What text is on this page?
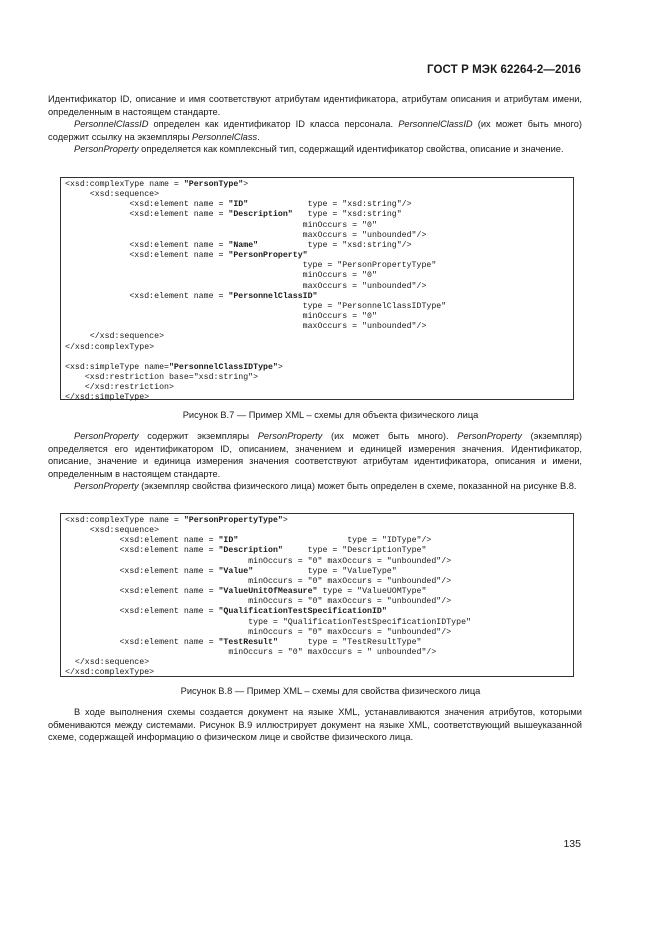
ГОСТ Р МЭК 62264-2—2016

Идентификатор ID, описание и имя соответствуют атрибутам идентификатора, атрибутам описания и атрибутам имени, определенным в настоящем стандарте.

PersonnelClassID определен как идентификатор ID класса персонала. PersonnelClassID (их может быть много) содержит ссылку на экземпляры PersonnelClass.

PersonProperty определяется как комплексный тип, содержащий идентификатор свойства, описание и значение.

<xsd:complexType name = "PersonType">
<xsd:sequence>
<xsd:element name = "ID"            type = "xsd:string"/>
<xsd:element name = "Description"   type = "xsd:string"
minOccurs = "0"
maxOccurs = "unbounded"/>
<xsd:element name = "Name"          type = "xsd:string"/>
<xsd:element name = "PersonProperty"
type = "PersonPropertyType"
minOccurs = "0"
maxOccurs = "unbounded"/>
<xsd:element name = "PersonnelClassID"
type = "PersonnelClassIDType"
minOccurs = "0"
maxOccurs = "unbounded"/>
</xsd:sequence>
</xsd:complexType>

<xsd:simpleType name="PersonnelClassIDType">
<xsd:restriction base="xsd:string">
</xsd:restriction>
</xsd:simpleType>
Рисунок В.7 — Пример XML – схемы для объекта физического лица

PersonProperty содержит экземпляры PersonProperty (их может быть много). PersonProperty (экземпляр) определяется его идентификатором ID, описанием, значением и единицей измерения значения. Идентификатор, описание, значение и единица измерения значения соответствуют атрибутам идентификатора, описания и имени, определенным в настоящем стандарте.

PersonProperty (экземпляр свойства физического лица) может быть определен в схеме, показанной на рисунке В.8.

<xsd:complexType name = "PersonPropertyType">
<xsd:sequence>
<xsd:element name = "ID"                      type = "IDType"/>
<xsd:element name = "Description"     type = "DescriptionType"
minOccurs = "0" maxOccurs = "unbounded"/>
<xsd:element name = "Value"           type = "ValueType"
minOccurs = "0" maxOccurs = "unbounded"/>
<xsd:element name = "ValueUnitOfMeasure" type = "ValueUOMType"
minOccurs = "0" maxOccurs = "unbounded"/>
<xsd:element name = "QualificationTestSpecificationID"
type = "QualificationTestSpecificationIDType"
minOccurs = "0" maxOccurs = "unbounded"/>
<xsd:element name = "TestResult"      type = "TestResultType"
minOccurs = "0" maxOccurs = " unbounded"/>
</xsd:sequence>
</xsd:complexType>
Рисунок В.8 — Пример XML – схемы для свойства физического лица

В ходе выполнения схемы создается документ на языке XML, устанавливаются значения атрибутов, которыми обмениваются между системами. Рисунок В.9 иллюстрирует документ на языке XML, соответствующий вышеуказанной схеме, содержащей информацию о физическом лице и свойстве физического лица.

135
